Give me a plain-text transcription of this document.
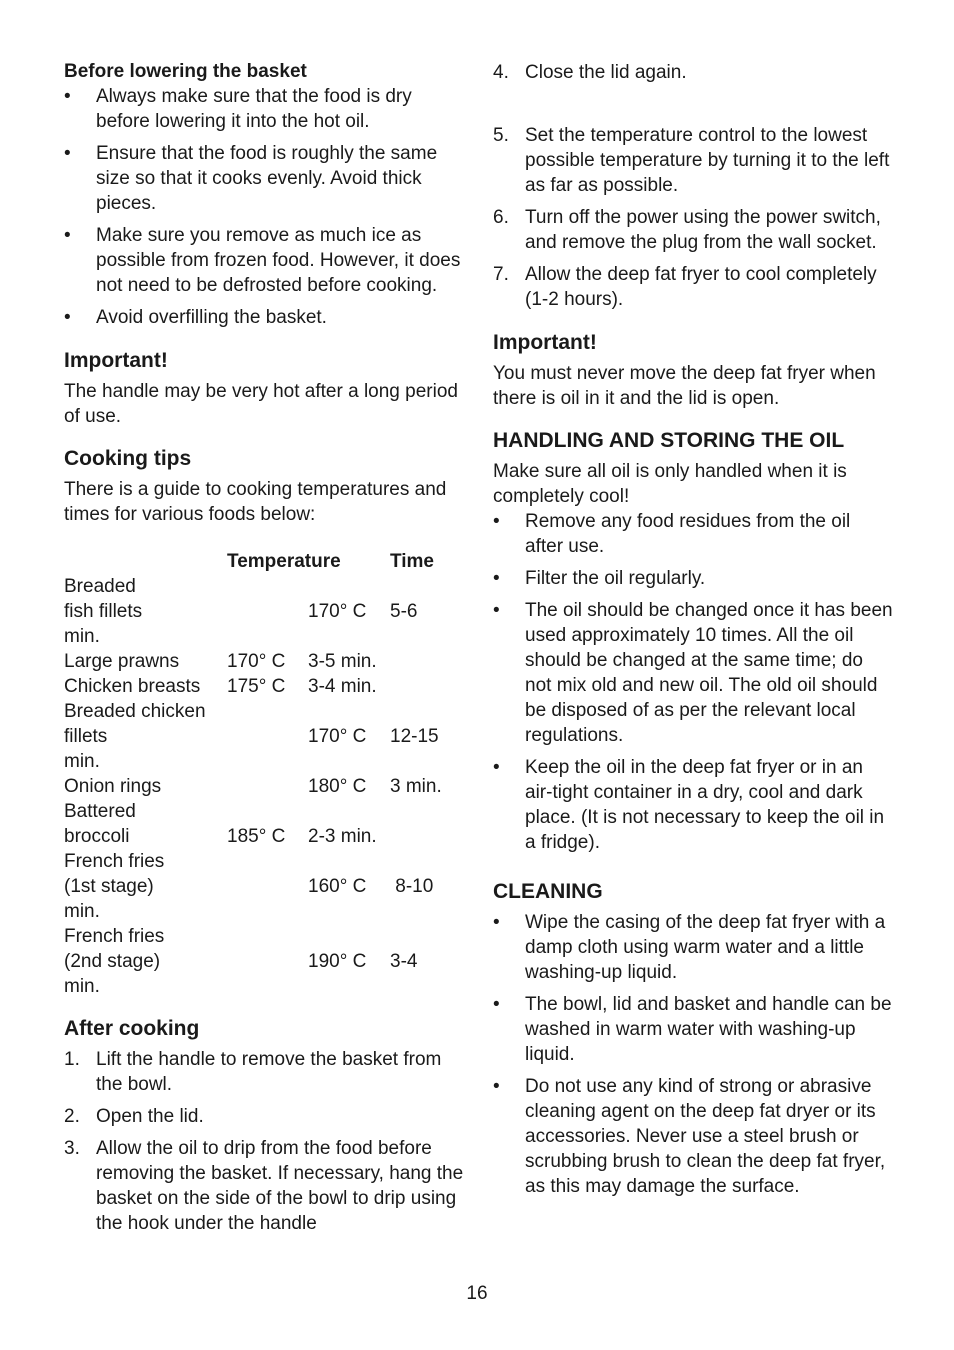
Before lowering the basket
• Always make sure that the food is dry before lowering it into the hot oil.
• Ensure that the food is roughly the same size so that it cooks evenly. Avoid thick pieces.
• Make sure you remove as much ice as possible from frozen food. However, it does not need to be defrosted before cooking.
• Avoid overfilling the basket.
Important!
The handle may be very hot after a long period of use.
Cooking tips
There is a guide to cooking temperatures and times for various foods below:
	Temperature		Time
Breaded			
fish fillets		170° C	5-6
min.			
Large prawns	170° C	3-5 min.	
Chicken breasts	175° C	3-4 min.	
Breaded chicken			
fillets		170° C	12-15
min.			
Onion rings		180° C	3 min.
Battered			
broccoli	185° C	2-3 min.	
French fries			
(1st stage)		160° C	8-10
min.			
French fries			
(2nd stage)		190° C	3-4
min.			
After cooking
1. Lift the handle to remove the basket from the bowl.
2. Open the lid.
3. Allow the oil to drip from the food before removing the basket. If necessary, hang the basket on the side of the bowl to drip using the hook under the handle
4. Close the lid again.
5. Set the temperature control to the lowest possible temperature by turning it to the left as far as possible.
6. Turn off the power using the power switch, and remove the plug from the wall socket.
7. Allow the deep fat fryer to cool completely (1-2 hours).
Important!
You must never move the deep fat fryer when there is oil in it and the lid is open.
HANDLING AND STORING THE OIL
Make sure all oil is only handled when it is completely cool!
• Remove any food residues from the oil after use.
• Filter the oil regularly.
• The oil should be changed once it has been used approximately 10 times. All the oil should be changed at the same time; do not mix old and new oil. The old oil should be disposed of as per the relevant local regulations.
• Keep the oil in the deep fat fryer or in an air-tight container in a dry, cool and dark place. (It is not necessary to keep the oil in a fridge).
CLEANING
• Wipe the casing of the deep fat fryer with a damp cloth using warm water and a little washing-up liquid.
• The bowl, lid and basket and handle can be washed in warm water with washing-up liquid.
• Do not use any kind of strong or abrasive cleaning agent on the deep fat dryer or its accessories. Never use a steel brush or scrubbing brush to clean the deep fat fryer, as this may damage the surface.
16
